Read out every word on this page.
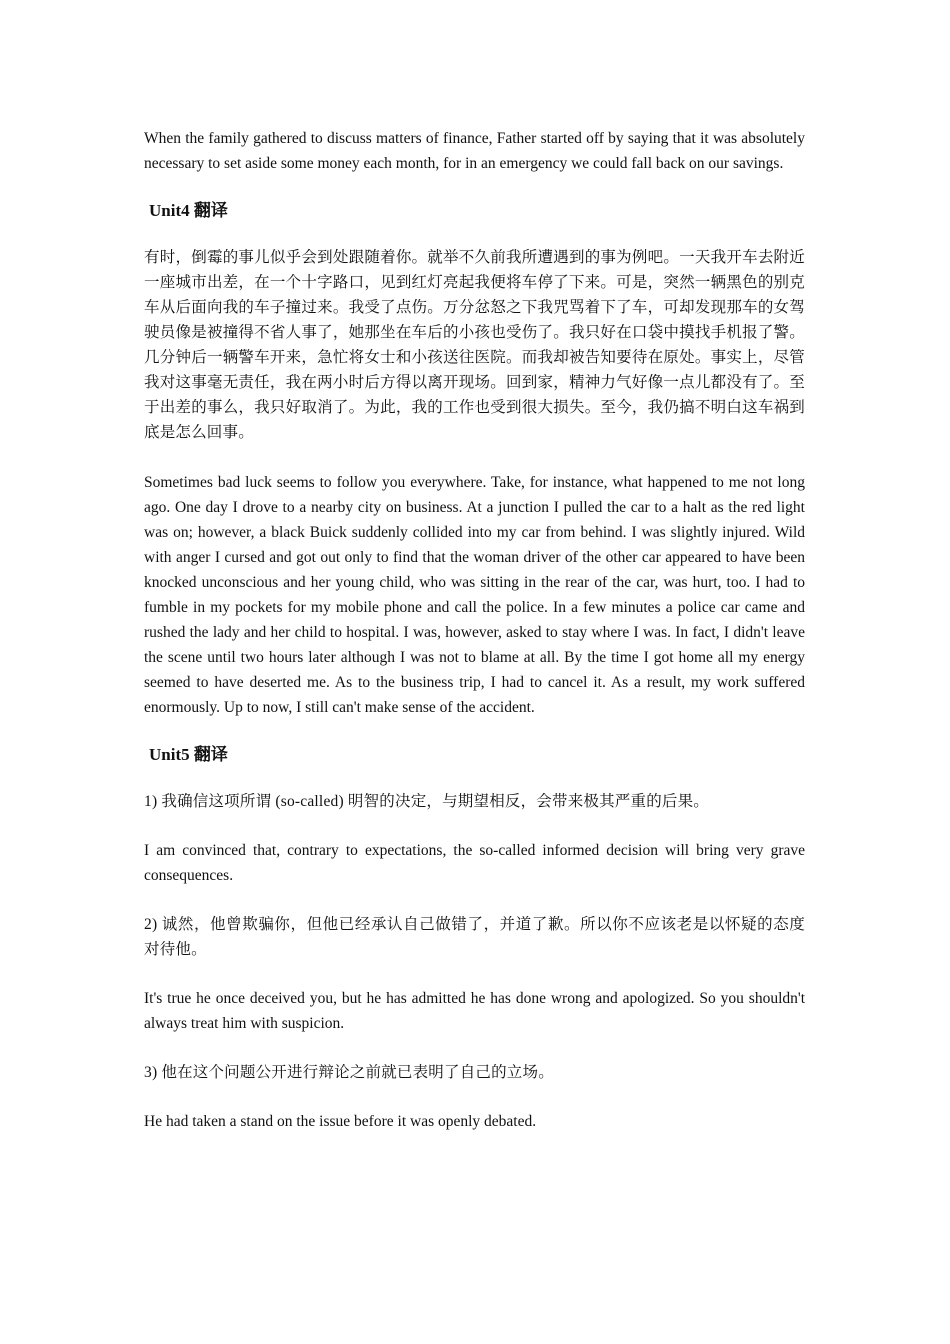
When the family gathered to discuss matters of finance, Father started off by saying that it was absolutely necessary to set aside some money each month, for in an emergency we could fall back on our savings.

Unit4 翻译

有时，倒霉的事儿似乎会到处跟随着你。就举不久前我所遭遇到的事为例吧。一天我开车去附近一座城市出差，在一个十字路口，见到红灯亮起我便将车停了下来。可是，突然一辆黑色的别克车从后面向我的车子撞过来。我受了点伤。万分忿怒之下我咒骂着下了车，可却发现那车的女驾驶员像是被撞得不省人事了，她那坐在车后的小孩也受伤了。我只好在口袋中摸找手机报了警。几分钟后一辆警车开来，急忙将女士和小孩送往医院。而我却被告知要待在原处。事实上，尽管我对这事毫无责任，我在两小时后方得以离开现场。回到家，精神力气好像一点儿都没有了。至于出差的事么，我只好取消了。为此，我的工作也受到很大损失。至今，我仍搞不明白这车祸到底是怎么回事。

Sometimes bad luck seems to follow you everywhere. Take, for instance, what happened to me not long ago. One day I drove to a nearby city on business. At a junction I pulled the car to a halt as the red light was on; however, a black Buick suddenly collided into my car from behind. I was slightly injured. Wild with anger I cursed and got out only to find that the woman driver of the other car appeared to have been knocked unconscious and her young child, who was sitting in the rear of the car, was hurt, too. I had to fumble in my pockets for my mobile phone and call the police. In a few minutes a police car came and rushed the lady and her child to hospital. I was, however, asked to stay where I was. In fact, I didn't leave the scene until two hours later although I was not to blame at all. By the time I got home all my energy seemed to have deserted me. As to the business trip, I had to cancel it. As a result, my work suffered enormously. Up to now, I still can't make sense of the accident.

Unit5 翻译

1) 我确信这项所谓 (so-called) 明智的决定，与期望相反，会带来极其严重的后果。

I am convinced that, contrary to expectations, the so-called informed decision will bring very grave consequences.

2) 诚然，他曾欺骗你，但他已经承认自己做错了，并道了歉。所以你不应该老是以怀疑的态度对待他。

It's true he once deceived you, but he has admitted he has done wrong and apologized. So you shouldn't always treat him with suspicion.

3) 他在这个问题公开进行辩论之前就已表明了自己的立场。

He had taken a stand on the issue before it was openly debated.
